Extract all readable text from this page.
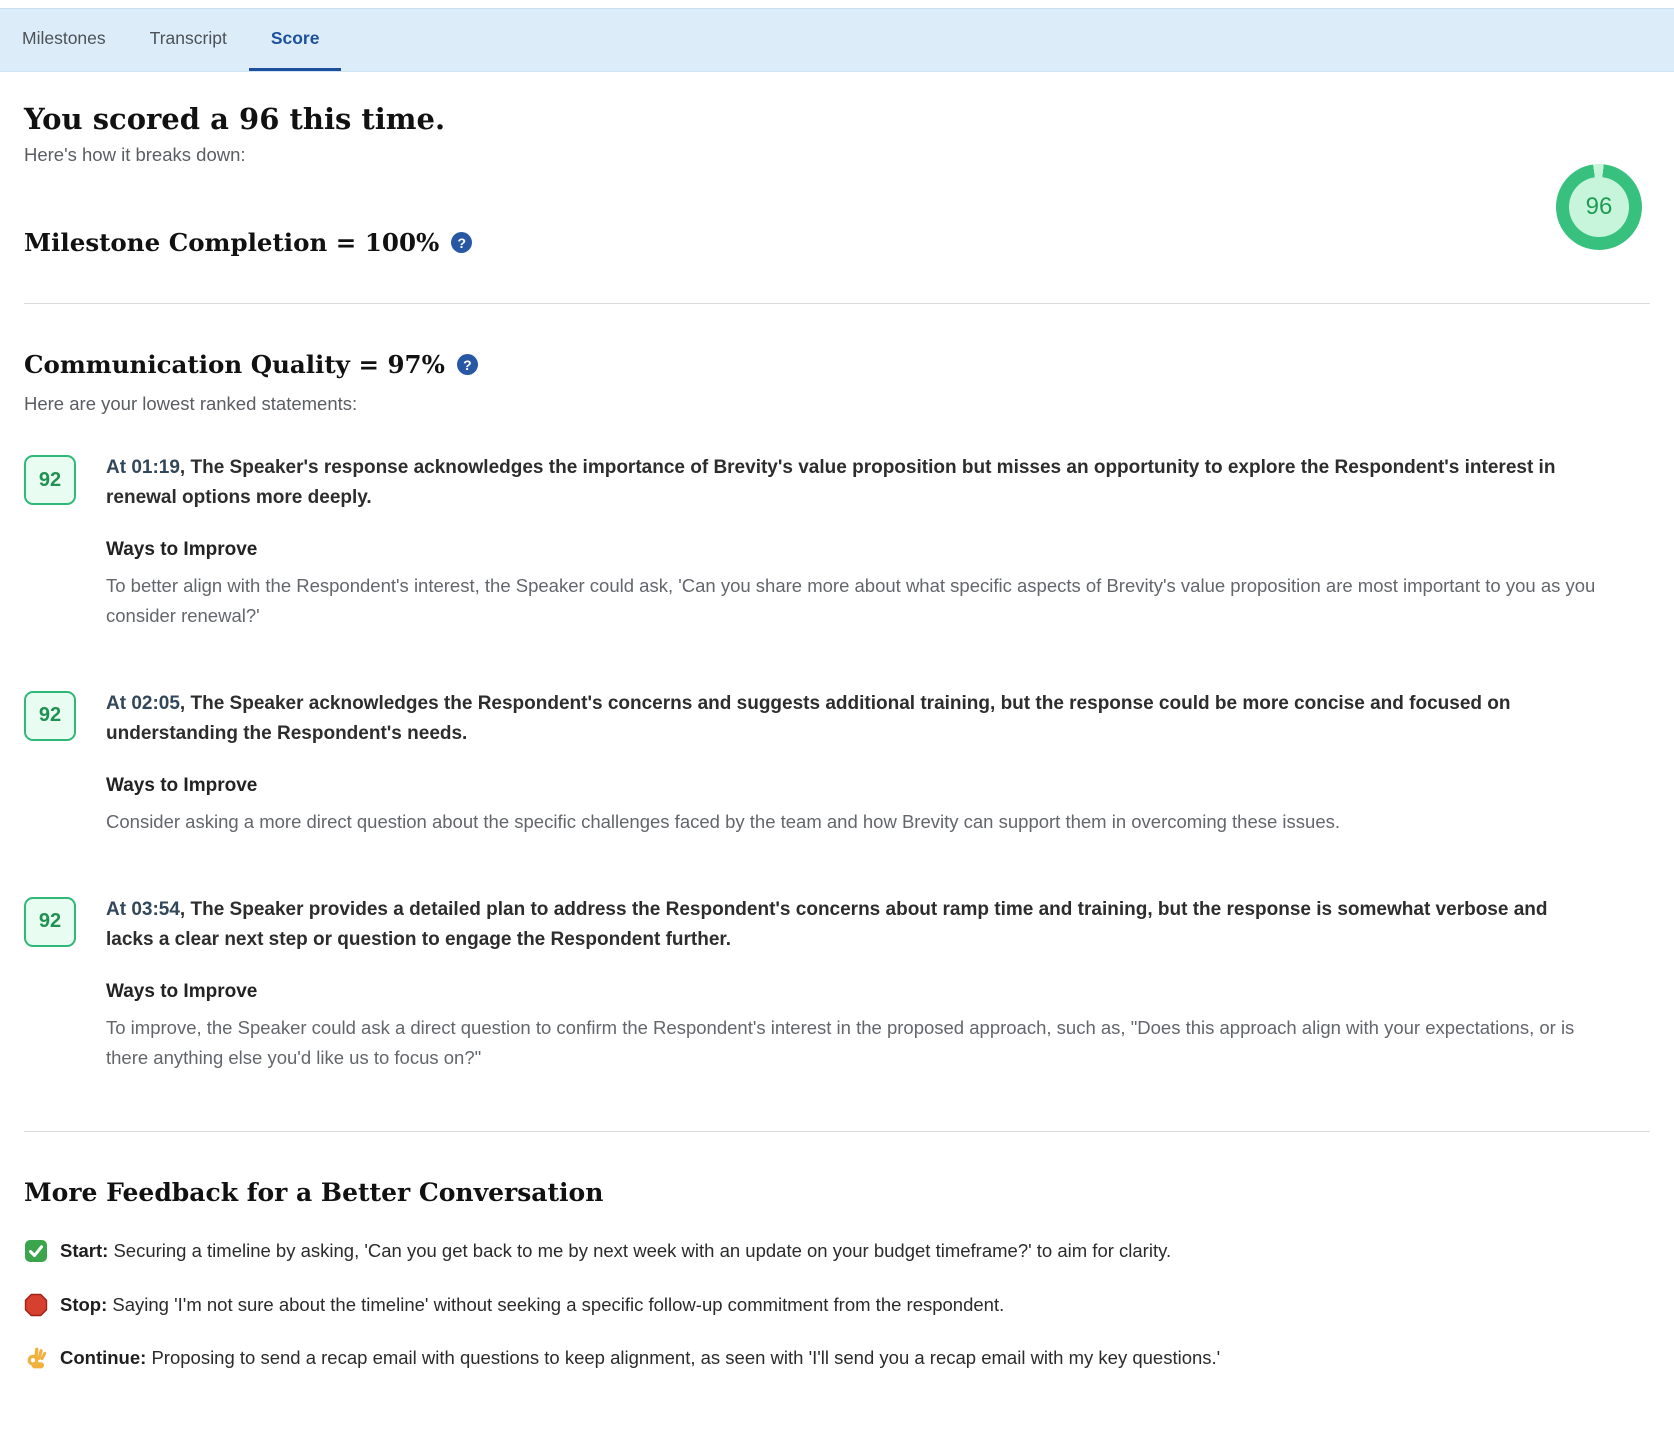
Milestones	Transcript	Score
You scored a 96 this time.
Here's how it breaks down:
96
Milestone Completion = 100%	?
Communication Quality = 97%	?
Here are your lowest ranked statements:
92
At 01:19, The Speaker's response acknowledges the importance of Brevity's value proposition but misses an opportunity to explore the Respondent's interest in renewal options more deeply.
Ways to Improve
To better align with the Respondent's interest, the Speaker could ask, 'Can you share more about what specific aspects of Brevity's value proposition are most important to you as you consider renewal?'
92
At 02:05, The Speaker acknowledges the Respondent's concerns and suggests additional training, but the response could be more concise and focused on understanding the Respondent's needs.
Ways to Improve
Consider asking a more direct question about the specific challenges faced by the team and how Brevity can support them in overcoming these issues.
92
At 03:54, The Speaker provides a detailed plan to address the Respondent's concerns about ramp time and training, but the response is somewhat verbose and lacks a clear next step or question to engage the Respondent further.
Ways to Improve
To improve, the Speaker could ask a direct question to confirm the Respondent's interest in the proposed approach, such as, "Does this approach align with your expectations, or is there anything else you'd like us to focus on?"
More Feedback for a Better Conversation
Start: Securing a timeline by asking, 'Can you get back to me by next week with an update on your budget timeframe?' to aim for clarity.
Stop: Saying 'I'm not sure about the timeline' without seeking a specific follow-up commitment from the respondent.
Continue: Proposing to send a recap email with questions to keep alignment, as seen with 'I'll send you a recap email with my key questions.'
